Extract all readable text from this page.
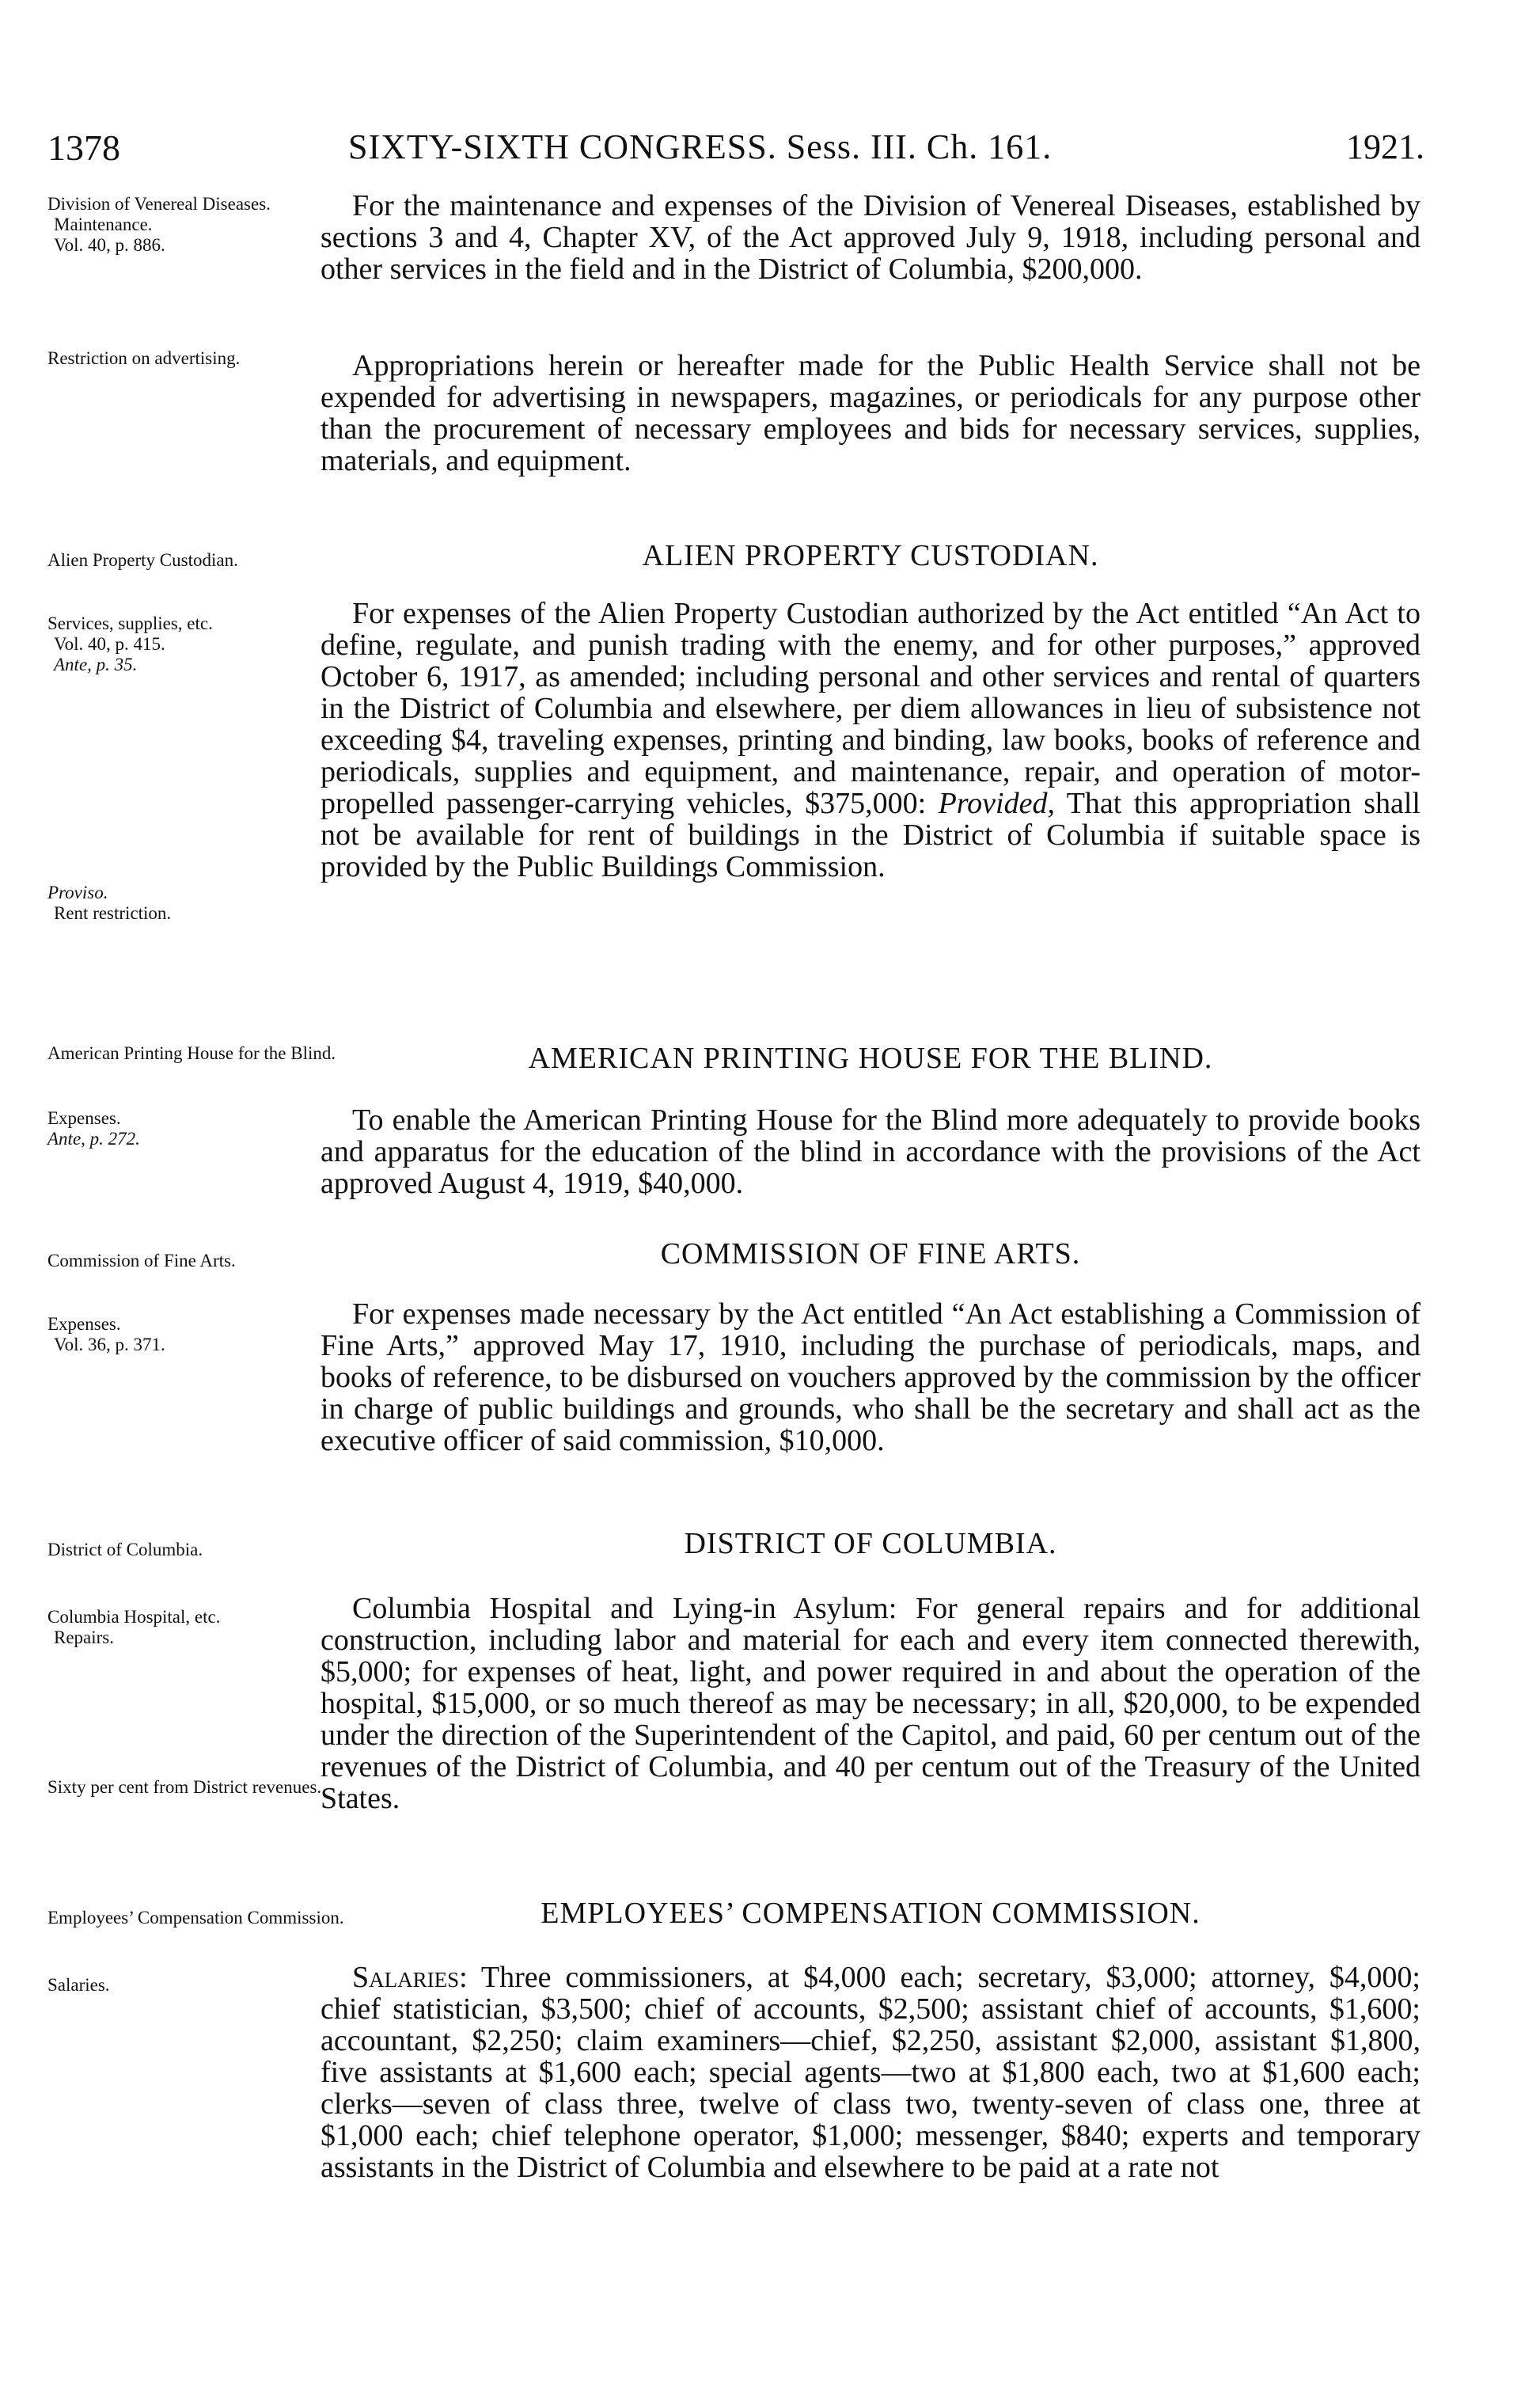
1378	SIXTY-SIXTH CONGRESS. Sess. III. Ch. 161.	1921.
Division of Venereal Diseases.
Maintenance.
Vol. 40, p. 886.
Restriction on advertising.
Alien Property Custodian.
Services, supplies, etc.
Vol. 40, p. 415.
Ante, p. 35.
Proviso.
Rent restriction.
American Printing House for the Blind.
Expenses.
Ante, p. 272.
Commission of Fine Arts.
Expenses.
Vol. 36, p. 371.
District of Columbia.
Columbia Hospital, etc.
Repairs.
Sixty per cent from District revenues.
Employees’ Compensation Commission.
Salaries.

For the maintenance and expenses of the Division of Venereal Diseases, established by sections 3 and 4, Chapter XV, of the Act approved July 9, 1918, including personal and other services in the field and in the District of Columbia, $200,000.

Appropriations herein or hereafter made for the Public Health Service shall not be expended for advertising in newspapers, magazines, or periodicals for any purpose other than the procurement of necessary employees and bids for necessary services, supplies, materials, and equipment.

ALIEN PROPERTY CUSTODIAN.

For expenses of the Alien Property Custodian authorized by the Act entitled “An Act to define, regulate, and punish trading with the enemy, and for other purposes,” approved October 6, 1917, as amended; including personal and other services and rental of quarters in the District of Columbia and elsewhere, per diem allowances in lieu of subsistence not exceeding $4, traveling expenses, printing and binding, law books, books of reference and periodicals, supplies and equipment, and maintenance, repair, and operation of motor-propelled passenger-carrying vehicles, $375,000: Provided, That this appropriation shall not be available for rent of buildings in the District of Columbia if suitable space is provided by the Public Buildings Commission.

AMERICAN PRINTING HOUSE FOR THE BLIND.

To enable the American Printing House for the Blind more adequately to provide books and apparatus for the education of the blind in accordance with the provisions of the Act approved August 4, 1919, $40,000.

COMMISSION OF FINE ARTS.

For expenses made necessary by the Act entitled “An Act establishing a Commission of Fine Arts,” approved May 17, 1910, including the purchase of periodicals, maps, and books of reference, to be disbursed on vouchers approved by the commission by the officer in charge of public buildings and grounds, who shall be the secretary and shall act as the executive officer of said commission, $10,000.

DISTRICT OF COLUMBIA.

Columbia Hospital and Lying-in Asylum: For general repairs and for additional construction, including labor and material for each and every item connected therewith, $5,000; for expenses of heat, light, and power required in and about the operation of the hospital, $15,000, or so much thereof as may be necessary; in all, $20,000, to be expended under the direction of the Superintendent of the Capitol, and paid, 60 per centum out of the revenues of the District of Columbia, and 40 per centum out of the Treasury of the United States.

EMPLOYEES’ COMPENSATION COMMISSION.

Salaries: Three commissioners, at $4,000 each; secretary, $3,000; attorney, $4,000; chief statistician, $3,500; chief of accounts, $2,500; assistant chief of accounts, $1,600; accountant, $2,250; claim examiners—chief, $2,250, assistant $2,000, assistant $1,800, five assistants at $1,600 each; special agents—two at $1,800 each, two at $1,600 each; clerks—seven of class three, twelve of class two, twenty-seven of class one, three at $1,000 each; chief telephone operator, $1,000; messenger, $840; experts and temporary assistants in the District of Columbia and elsewhere to be paid at a rate not
